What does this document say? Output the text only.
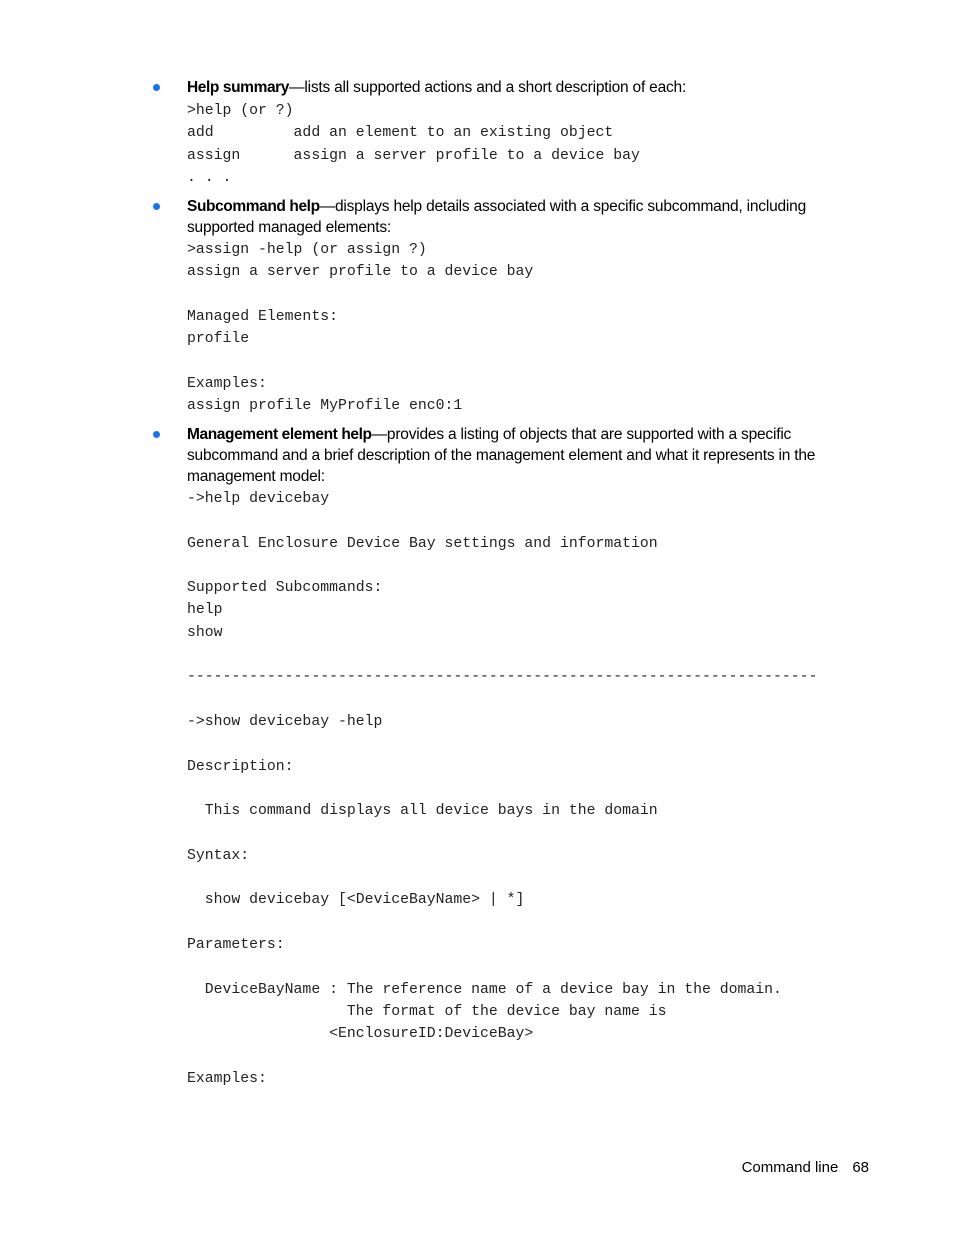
Help summary—lists all supported actions and a short description of each:
>help (or ?)
add         add an element to an existing object
assign      assign a server profile to a device bay
. . .
Subcommand help—displays help details associated with a specific subcommand, including supported managed elements:
>assign -help (or assign ?)
assign a server profile to a device bay

Managed Elements:
profile

Examples:
assign profile MyProfile enc0:1
Management element help—provides a listing of objects that are supported with a specific subcommand and a brief description of the management element and what it represents in the management model:
->help devicebay

General Enclosure Device Bay settings and information

Supported Subcommands:
help
show

-----------------------------------------------------------------------

->show devicebay -help

Description:

This command displays all device bays in the domain

Syntax:

show devicebay [<DeviceBayName> | *]

Parameters:

DeviceBayName : The reference name of a device bay in the domain.
The format of the device bay name is
<EnclosureID:DeviceBay>

Examples:
Command line 68
